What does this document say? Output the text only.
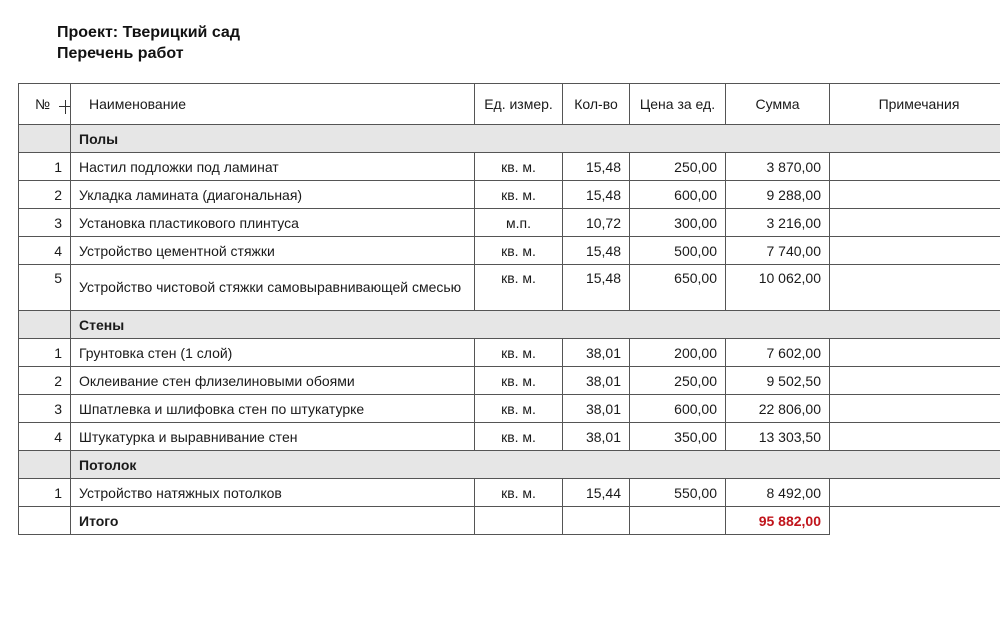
Проект: Тверицкий сад
Перечень работ
№	Наименование	Ед. измер.	Кол-во	Цена за ед.	Сумма	Примечания
	Полы					
1	Настил подложки под ламинат	кв. м.	15,48	250,00	3 870,00	
2	Укладка ламината (диагональная)	кв. м.	15,48	600,00	9 288,00	
3	Установка пластикового плинтуса	м.п.	10,72	300,00	3 216,00	
4	Устройство цементной стяжки	кв. м.	15,48	500,00	7 740,00	
5	Устройство чистовой стяжки самовыравнивающей смесью	кв. м.	15,48	650,00	10 062,00	
	Стены					
1	Грунтовка стен (1 слой)	кв. м.	38,01	200,00	7 602,00	
2	Оклеивание стен флизелиновыми обоями	кв. м.	38,01	250,00	9 502,50	
3	Шпатлевка и шлифовка стен по штукатурке	кв. м.	38,01	600,00	22 806,00	
4	Штукатурка и выравнивание стен	кв. м.	38,01	350,00	13 303,50	
	Потолок					
1	Устройство натяжных потолков	кв. м.	15,44	550,00	8 492,00	
	Итого				95 882,00	
